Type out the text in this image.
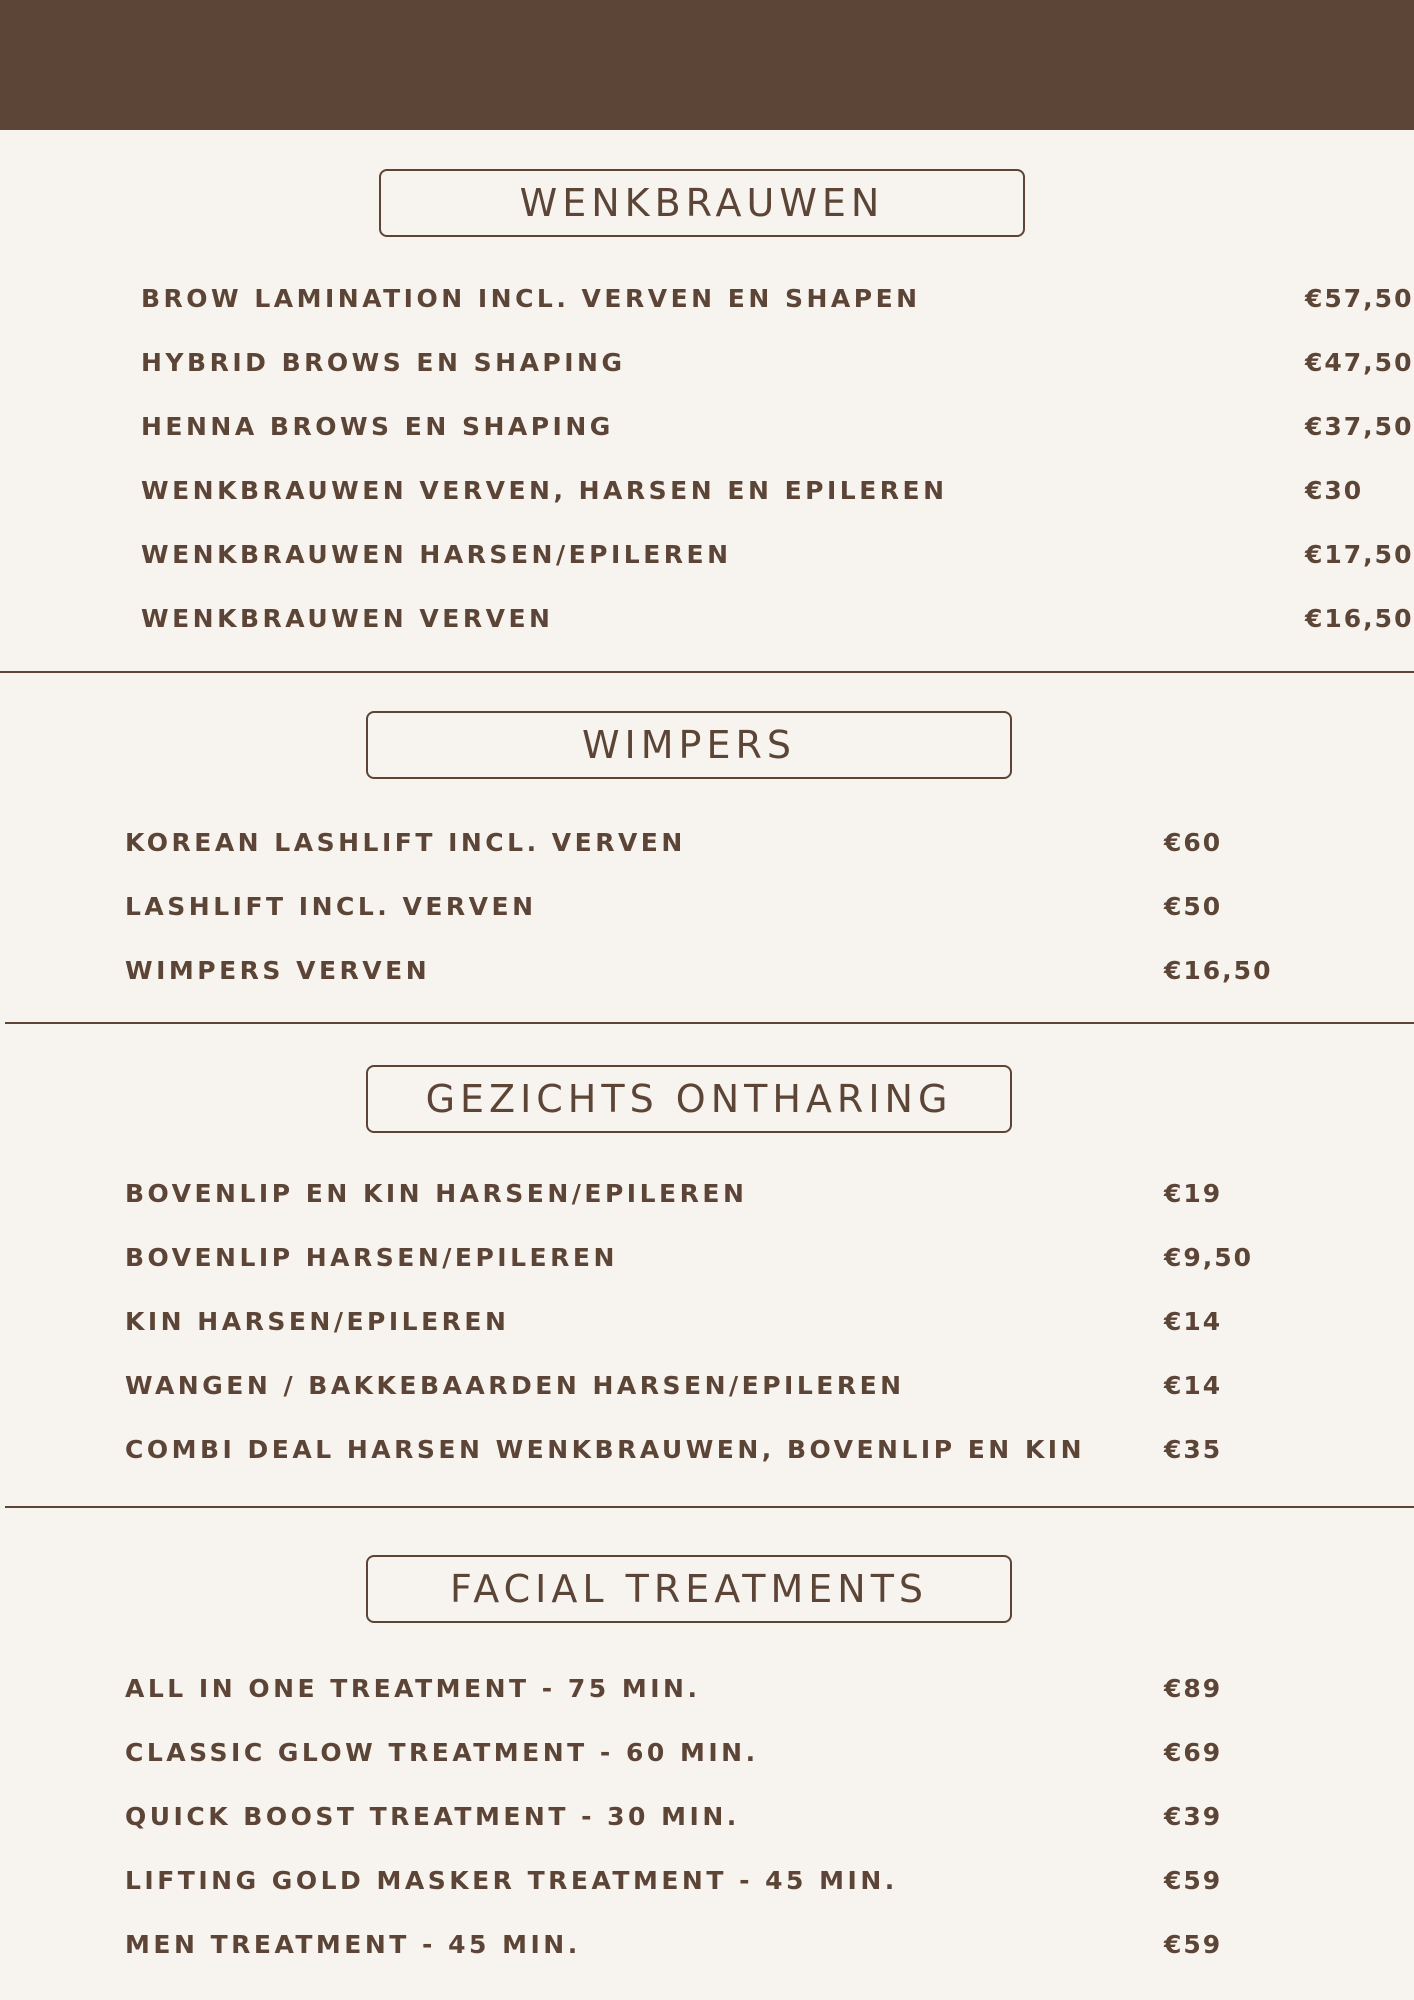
WENKBRAUWEN
BROW LAMINATION INCL. VERVEN EN SHAPEN	€57,50
HYBRID BROWS EN SHAPING	€47,50
HENNA BROWS EN SHAPING	€37,50
WENKBRAUWEN VERVEN, HARSEN EN EPILEREN	€30
WENKBRAUWEN HARSEN/EPILEREN	€17,50
WENKBRAUWEN VERVEN	€16,50
WIMPERS
KOREAN LASHLIFT INCL. VERVEN	€60
LASHLIFT INCL. VERVEN	€50
WIMPERS VERVEN	€16,50
GEZICHTS ONTHARING
BOVENLIP EN KIN HARSEN/EPILEREN	€19
BOVENLIP HARSEN/EPILEREN	€9,50
KIN HARSEN/EPILEREN	€14
WANGEN / BAKKEBAARDEN HARSEN/EPILEREN	€14
COMBI DEAL HARSEN WENKBRAUWEN, BOVENLIP EN KIN	€35
FACIAL TREATMENTS
ALL IN ONE TREATMENT - 75 MIN.	€89
CLASSIC GLOW TREATMENT - 60 MIN.	€69
QUICK BOOST TREATMENT - 30 MIN.	€39
LIFTING GOLD MASKER TREATMENT - 45 MIN.	€59
MEN TREATMENT - 45 MIN.	€59
